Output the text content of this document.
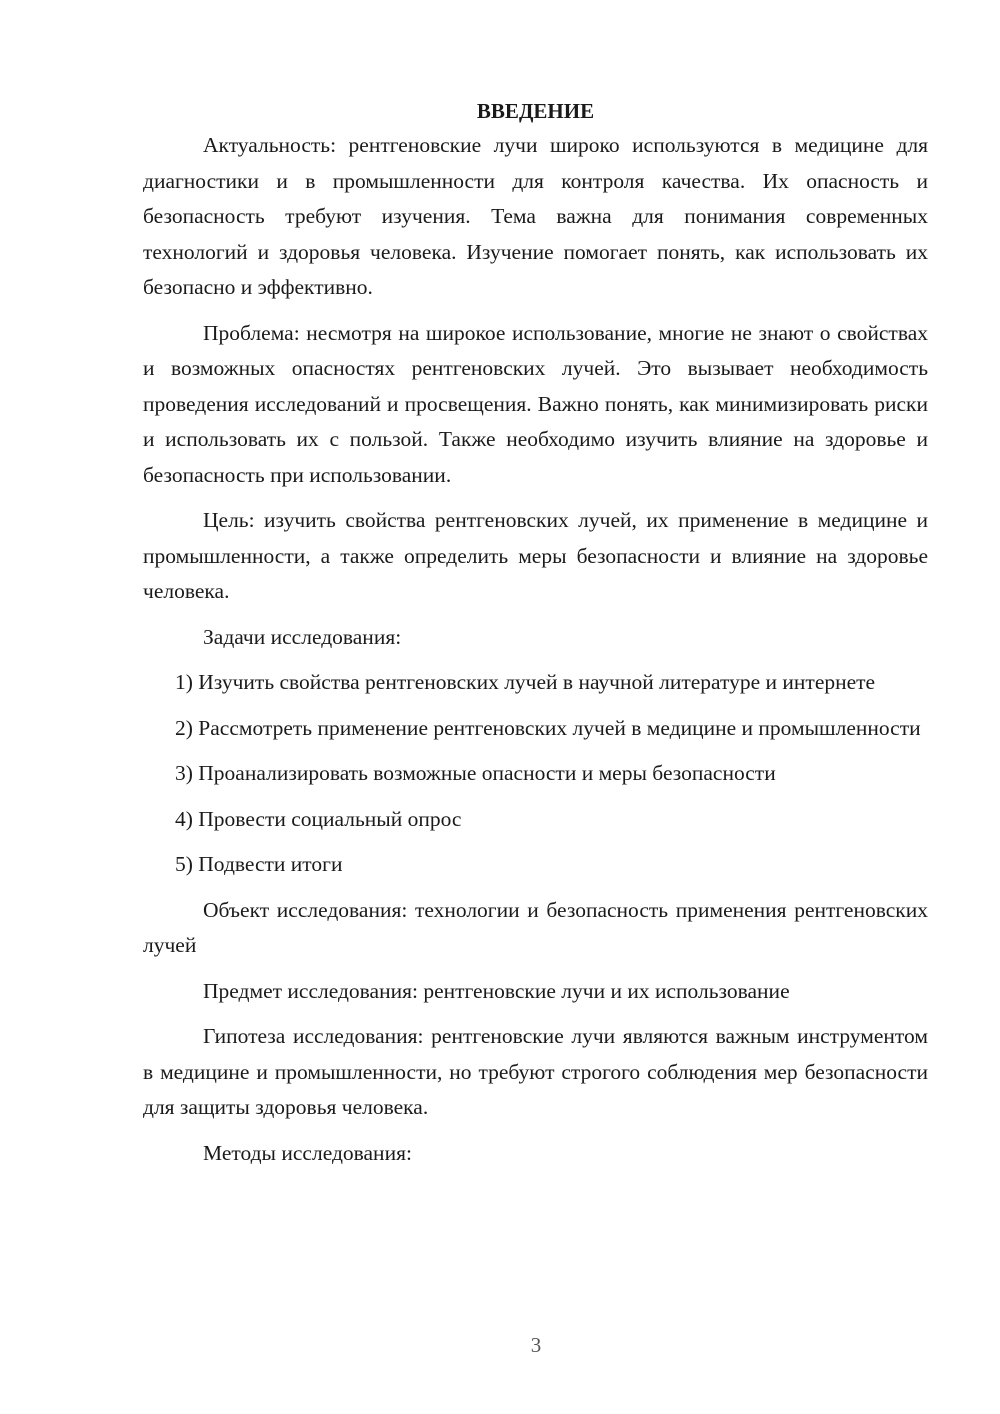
ВВЕДЕНИЕ

Актуальность: рентгеновские лучи широко используются в медицине для диагностики и в промышленности для контроля качества. Их опасность и безопасность требуют изучения. Тема важна для понимания современных технологий и здоровья человека. Изучение помогает понять, как использовать их безопасно и эффективно.

Проблема: несмотря на широкое использование, многие не знают о свойствах и возможных опасностях рентгеновских лучей. Это вызывает необходимость проведения исследований и просвещения. Важно понять, как минимизировать риски и использовать их с пользой. Также необходимо изучить влияние на здоровье и безопасность при использовании.

Цель: изучить свойства рентгеновских лучей, их применение в медицине и промышленности, а также определить меры безопасности и влияние на здоровье человека.

Задачи исследования:

1) Изучить свойства рентгеновских лучей в научной литературе и интернете

2) Рассмотреть применение рентгеновских лучей в медицине и промышленности

3) Проанализировать возможные опасности и меры безопасности

4) Провести социальный опрос

5) Подвести итоги

Объект исследования: технологии и безопасность применения рентгеновских лучей

Предмет исследования: рентгеновские лучи и их использование

Гипотеза исследования: рентгеновские лучи являются важным инструментом в медицине и промышленности, но требуют строгого соблюдения мер безопасности для защиты здоровья человека.

Методы исследования:

3
